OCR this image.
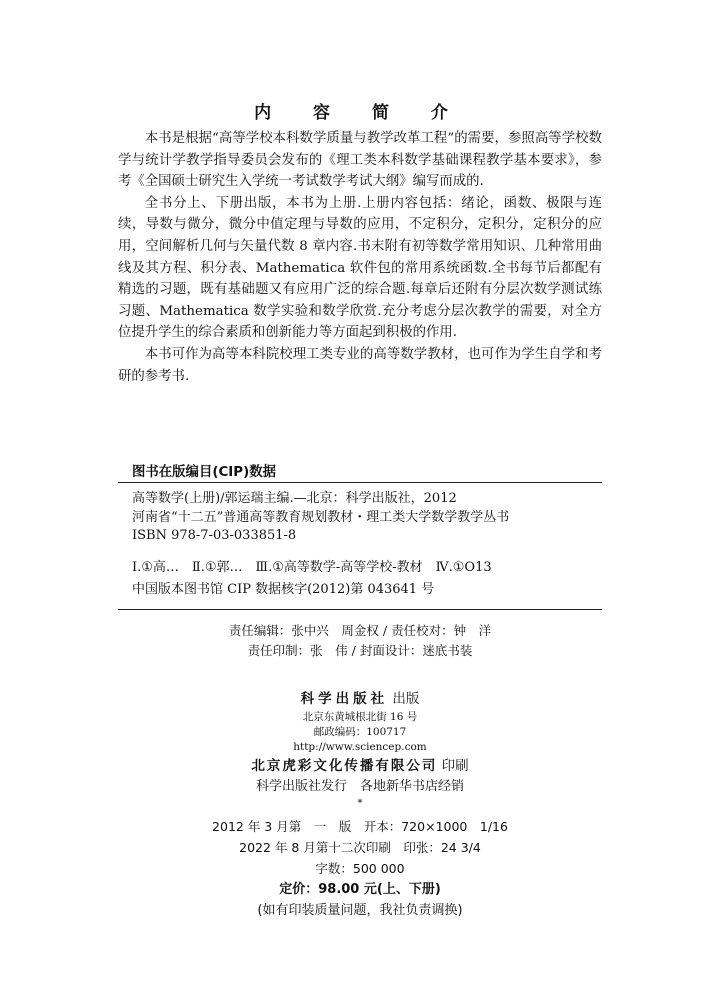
内 容 简 介

本书是根据“高等学校本科数学质量与教学改革工程”的需要，参照高等学校数学与统计学教学指导委员会发布的《理工类本科数学基础课程教学基本要求》，参考《全国硕士研究生入学统一考试数学考试大纲》编写而成的.

全书分上、下册出版，本书为上册.上册内容包括：绪论，函数、极限与连续，导数与微分，微分中值定理与导数的应用，不定积分，定积分，定积分的应用，空间解析几何与矢量代数 8 章内容.书末附有初等数学常用知识、几种常用曲线及其方程、积分表、Mathematica 软件包的常用系统函数.全书每节后都配有精选的习题，既有基础题又有应用广泛的综合题.每章后还附有分层次数学测试练习题、Mathematica 数学实验和数学欣赏.充分考虑分层次教学的需要，对全方位提升学生的综合素质和创新能力等方面起到积极的作用.

本书可作为高等本科院校理工类专业的高等数学教材，也可作为学生自学和考研的参考书.

图书在版编目(CIP)数据
高等数学(上册)/郭运瑞主编.—北京：科学出版社，2012
河南省“十二五”普通高等教育规划教材・理工类大学数学教学丛书
ISBN 978-7-03-033851-8
Ⅰ.①高…　Ⅱ.①郭…　Ⅲ.①高等数学-高等学校-教材　Ⅳ.①O13
中国版本图书馆 CIP 数据核字(2012)第 043641 号
责任编辑：张中兴　周金权 / 责任校对：钟　洋
责任印制：张　伟 / 封面设计：迷底书装
科学出版社 出版
北京东黄城根北街 16 号
邮政编码：100717
http://www.sciencep.com
北京虎彩文化传播有限公司 印刷
科学出版社发行　各地新华书店经销
*
2012 年 3 月第　一　版　开本：720×1000　1/16
2022 年 8 月第十二次印刷　印张：24 3/4
字数：500 000
定价：98.00 元(上、下册)
(如有印装质量问题，我社负责调换)
